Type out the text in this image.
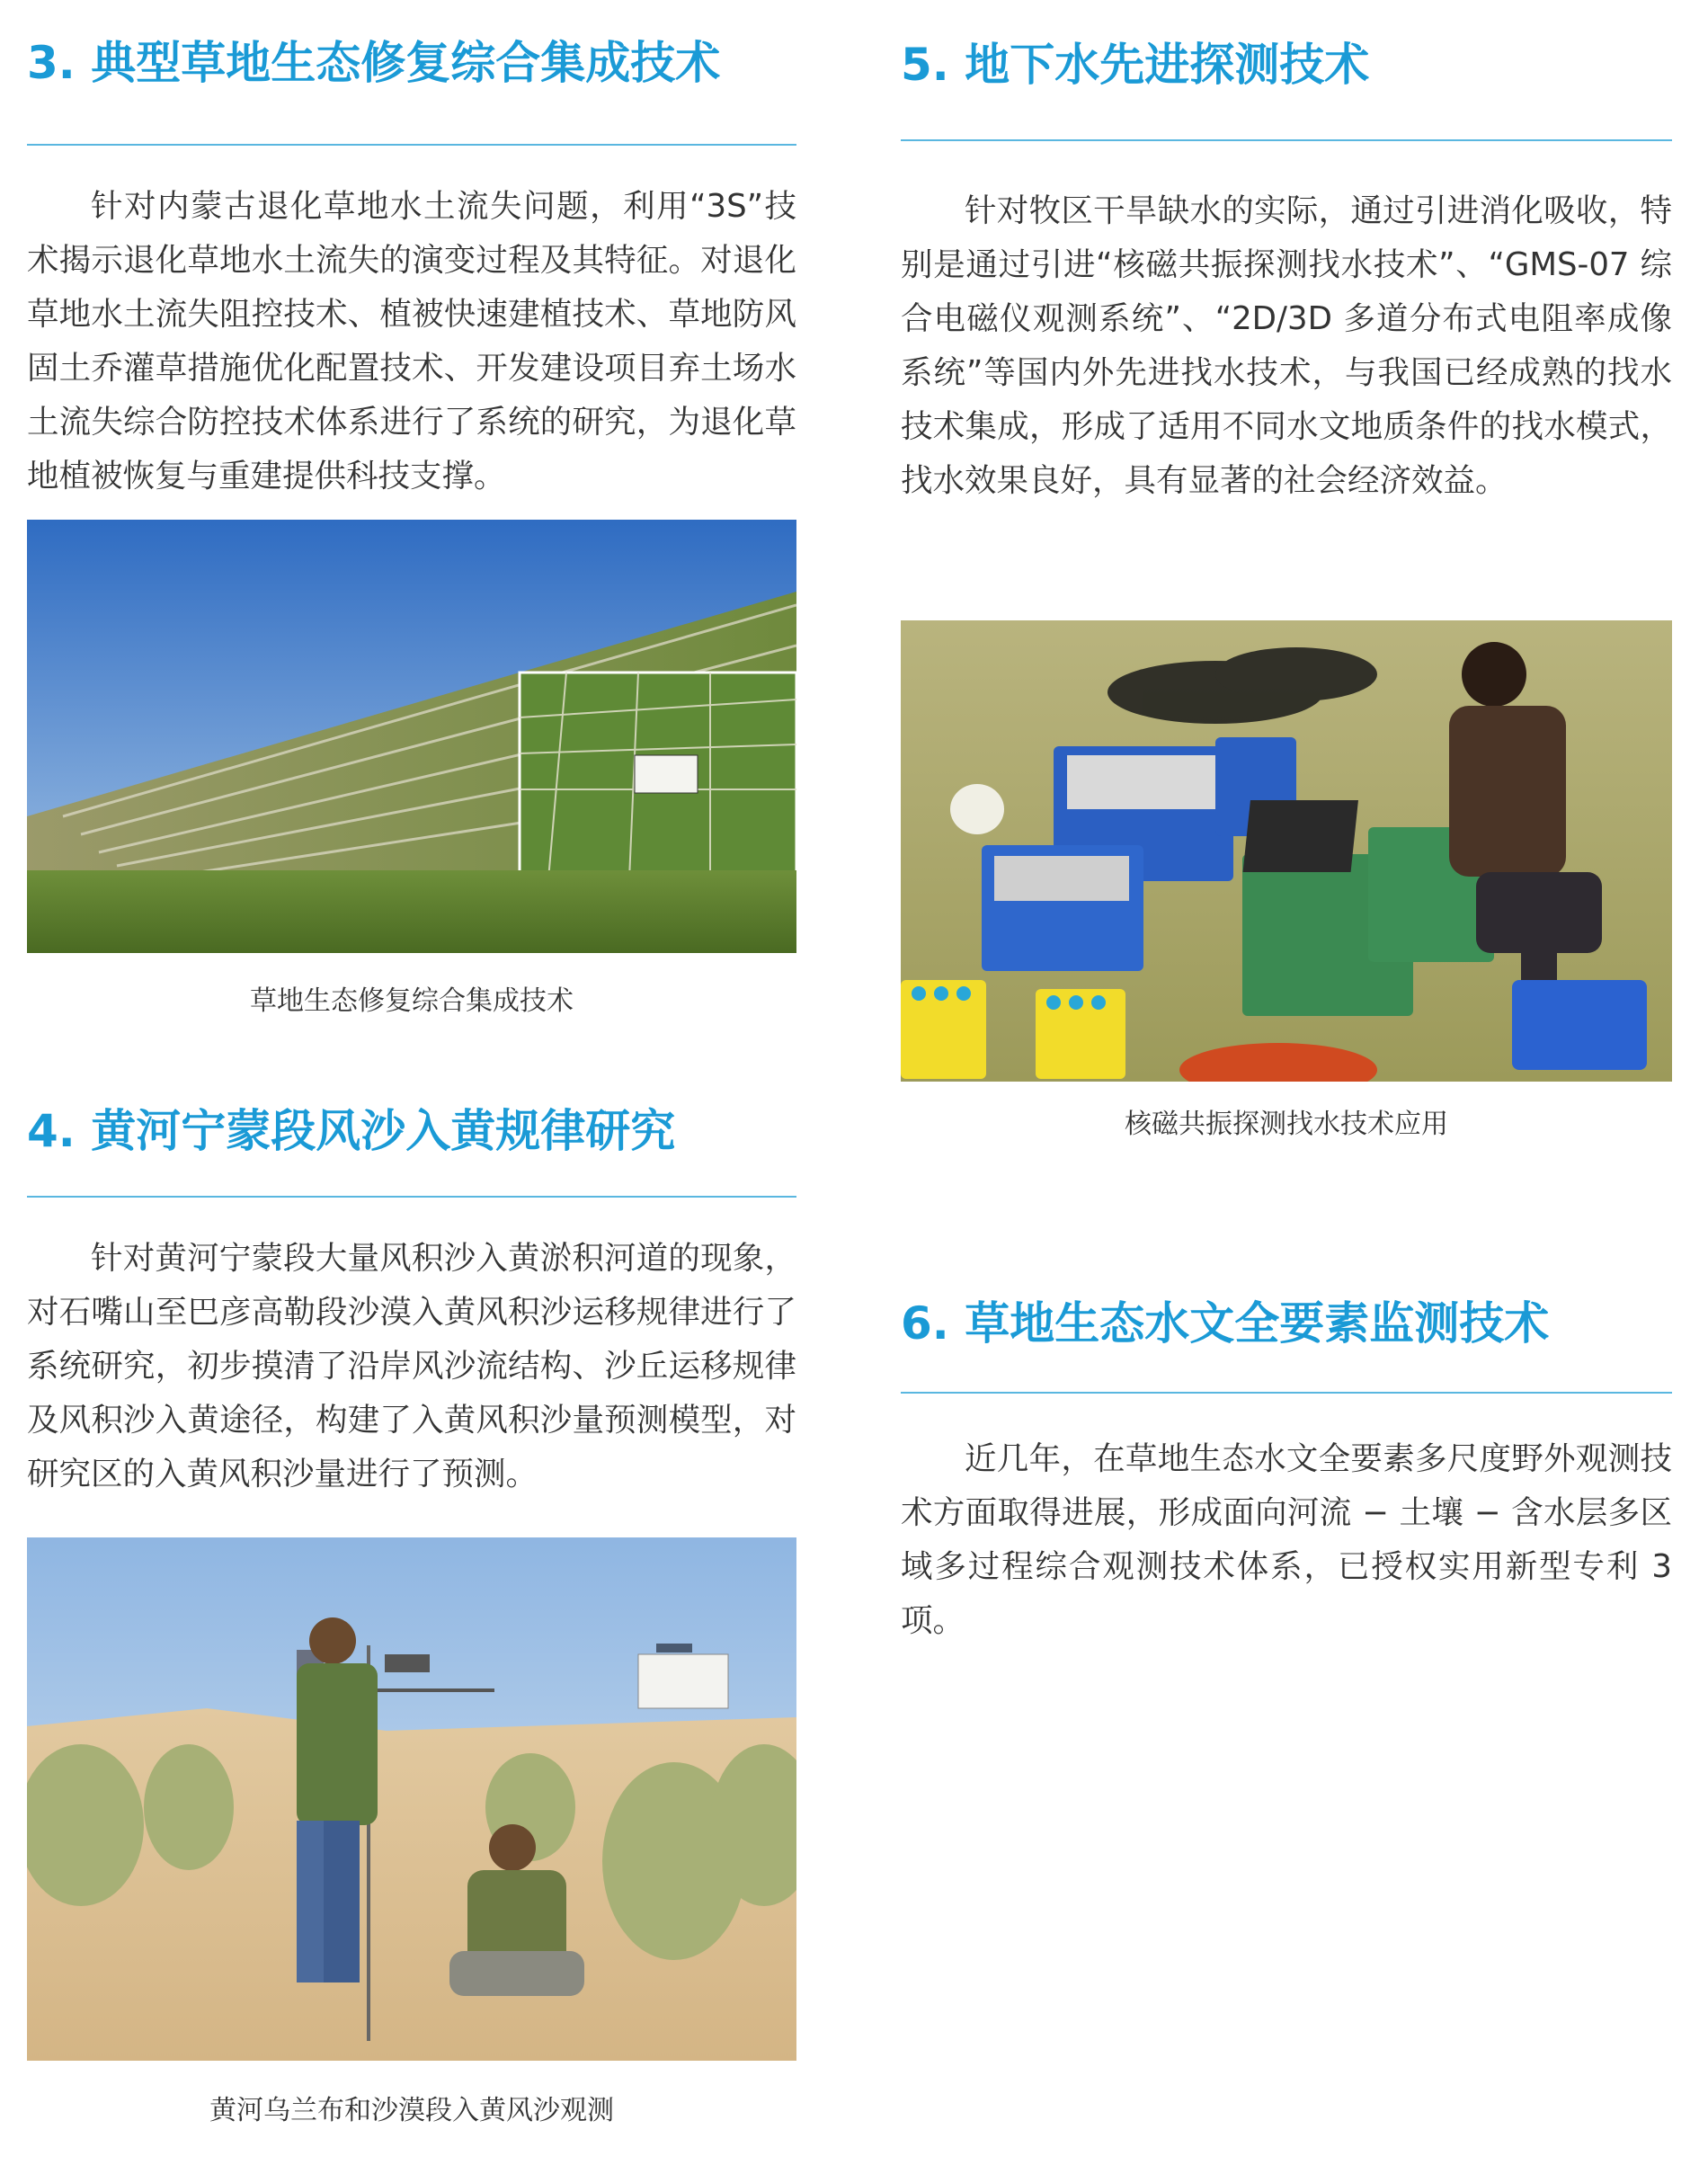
3. 典型草地生态修复综合集成技术

针对内蒙古退化草地水土流失问题，利用“3S”技术揭示退化草地水土流失的演变过程及其特征。对退化草地水土流失阻控技术、植被快速建植技术、草地防风固土乔灌草措施优化配置技术、开发建设项目弃土场水土流失综合防控技术体系进行了系统的研究，为退化草地植被恢复与重建提供科技支撑。

草地生态修复综合集成技术
4. 黄河宁蒙段风沙入黄规律研究

针对黄河宁蒙段大量风积沙入黄淤积河道的现象，对石嘴山至巴彦高勒段沙漠入黄风积沙运移规律进行了系统研究，初步摸清了沿岸风沙流结构、沙丘运移规律及风积沙入黄途径，构建了入黄风积沙量预测模型，对研究区的入黄风积沙量进行了预测。

黄河乌兰布和沙漠段入黄风沙观测
5. 地下水先进探测技术

针对牧区干旱缺水的实际，通过引进消化吸收，特别是通过引进“核磁共振探测找水技术”、“GMS-07 综合电磁仪观测系统”、“2D/3D 多道分布式电阻率成像系统”等国内外先进找水技术，与我国已经成熟的找水技术集成，形成了适用不同水文地质条件的找水模式，找水效果良好，具有显著的社会经济效益。

核磁共振探测找水技术应用
6. 草地生态水文全要素监测技术

近几年，在草地生态水文全要素多尺度野外观测技术方面取得进展，形成面向河流 − 土壤 − 含水层多区域多过程综合观测技术体系，已授权实用新型专利 3 项。
